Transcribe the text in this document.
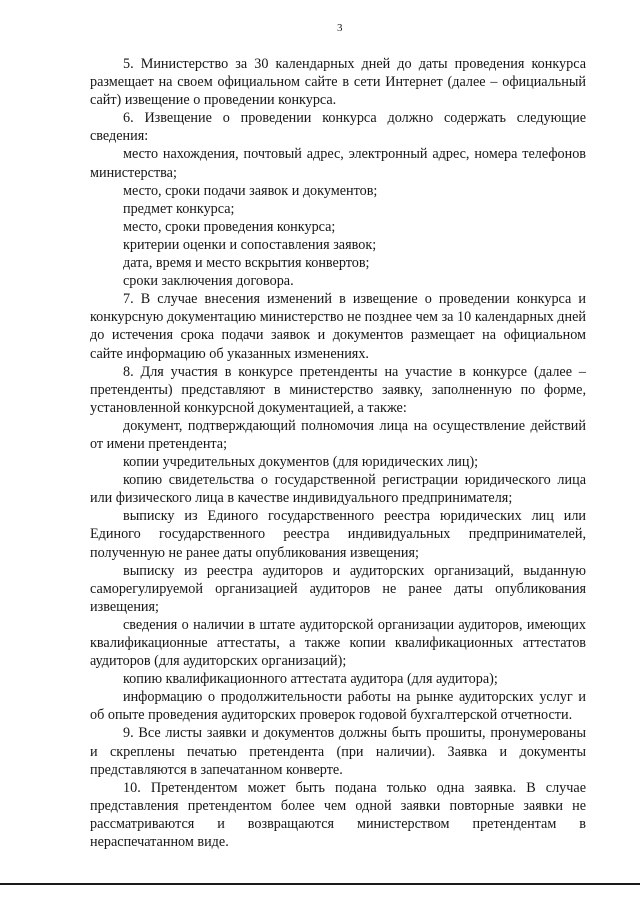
3

5. Министерство за 30 календарных дней до даты проведения конкурса размещает на своем официальном сайте в сети Интернет (далее – официальный сайт) извещение о проведении конкурса.

6. Извещение о проведении конкурса должно содержать следующие сведения:

место нахождения, почтовый адрес, электронный адрес, номера телефонов министерства;

место, сроки подачи заявок и документов;

предмет конкурса;

место, сроки проведения конкурса;

критерии оценки и сопоставления заявок;

дата, время и место вскрытия конвертов;

сроки заключения договора.

7. В случае внесения изменений в извещение о проведении конкурса и конкурсную документацию министерство не позднее чем за 10 календарных дней до истечения срока подачи заявок и документов размещает на официальном сайте информацию об указанных изменениях.

8. Для участия в конкурсе претенденты на участие в конкурсе (далее – претенденты) представляют в министерство заявку, заполненную по форме, установленной конкурсной документацией, а также:

документ, подтверждающий полномочия лица на осуществление действий от имени претендента;

копии учредительных документов (для юридических лиц);

копию свидетельства о государственной регистрации юридического лица или физического лица в качестве индивидуального предпринимателя;

выписку из Единого государственного реестра юридических лиц или Единого государственного реестра индивидуальных предпринимателей, полученную не ранее даты опубликования извещения;

выписку из реестра аудиторов и аудиторских организаций, выданную саморегулируемой организацией аудиторов не ранее даты опубликования извещения;

сведения о наличии в штате аудиторской организации аудиторов, имеющих квалификационные аттестаты, а также копии квалификационных аттестатов аудиторов (для аудиторских организаций);

копию квалификационного аттестата аудитора (для аудитора);

информацию о продолжительности работы на рынке аудиторских услуг и об опыте проведения аудиторских проверок годовой бухгалтерской отчетности.

9. Все листы заявки и документов должны быть прошиты, пронумерованы и скреплены печатью претендента (при наличии). Заявка и документы представляются в запечатанном конверте.

10. Претендентом может быть подана только одна заявка. В случае представления претендентом более чем одной заявки повторные заявки не рассматриваются и возвращаются министерством претендентам в нераспечатанном виде.
